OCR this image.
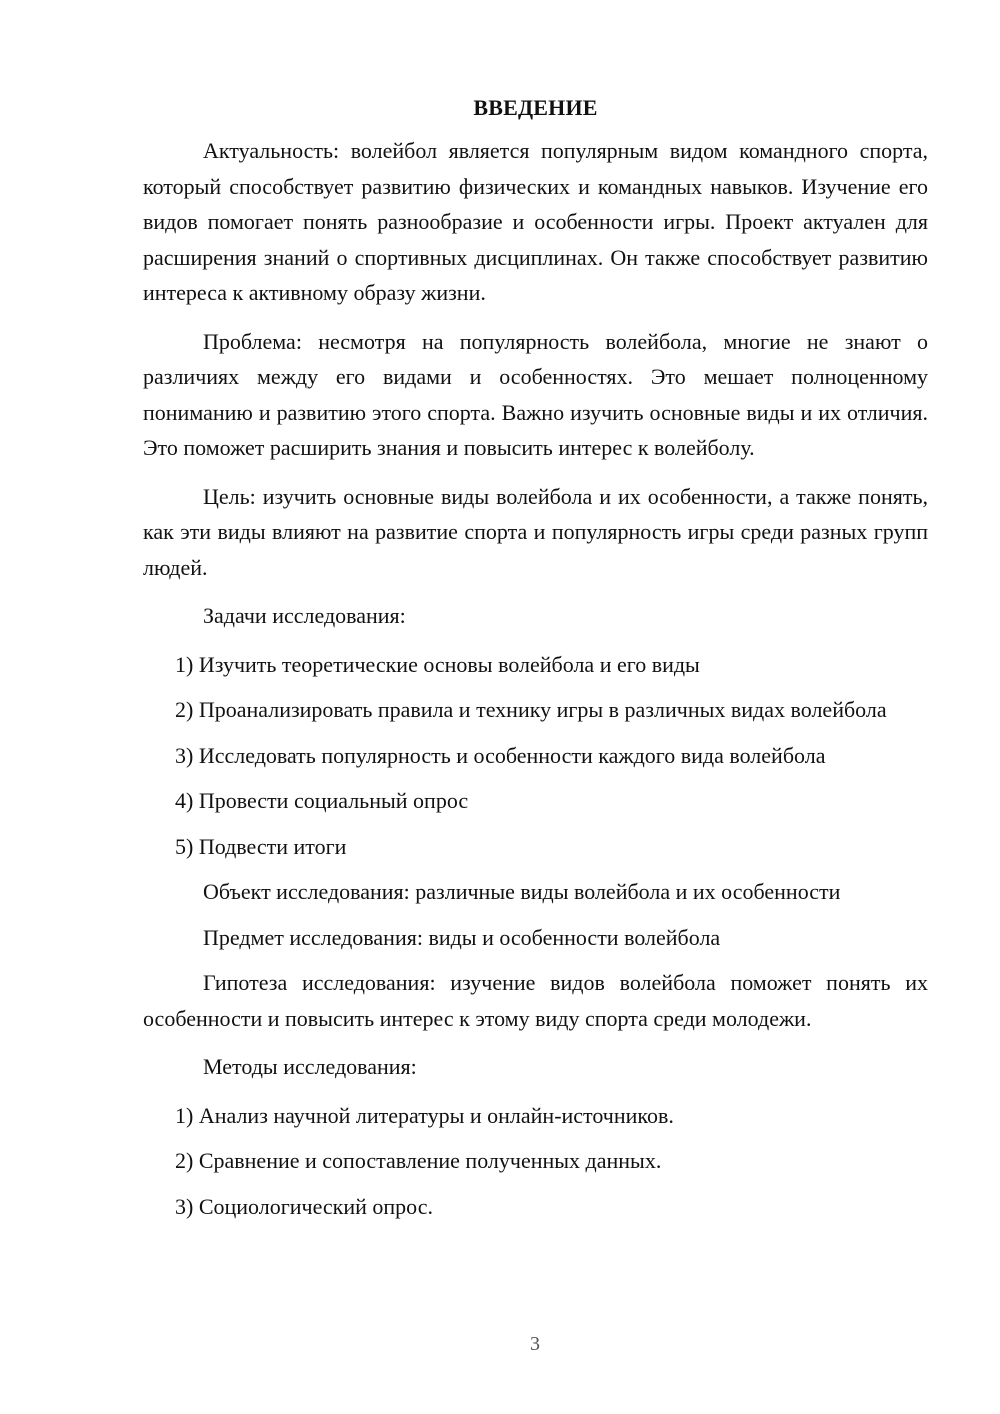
ВВЕДЕНИЕ

Актуальность: волейбол является популярным видом командного спорта, который способствует развитию физических и командных навыков. Изучение его видов помогает понять разнообразие и особенности игры. Проект актуален для расширения знаний о спортивных дисциплинах. Он также способствует развитию интереса к активному образу жизни.

Проблема: несмотря на популярность волейбола, многие не знают о различиях между его видами и особенностях. Это мешает полноценному пониманию и развитию этого спорта. Важно изучить основные виды и их отличия. Это поможет расширить знания и повысить интерес к волейболу.

Цель: изучить основные виды волейбола и их особенности, а также понять, как эти виды влияют на развитие спорта и популярность игры среди разных групп людей.

Задачи исследования:

1) Изучить теоретические основы волейбола и его виды

2) Проанализировать правила и технику игры в различных видах волейбола

3) Исследовать популярность и особенности каждого вида волейбола

4) Провести социальный опрос

5) Подвести итоги

Объект исследования: различные виды волейбола и их особенности

Предмет исследования: виды и особенности волейбола

Гипотеза исследования: изучение видов волейбола поможет понять их особенности и повысить интерес к этому виду спорта среди молодежи.

Методы исследования:

1) Анализ научной литературы и онлайн-источников.

2) Сравнение и сопоставление полученных данных.

3) Социологический опрос.

3
